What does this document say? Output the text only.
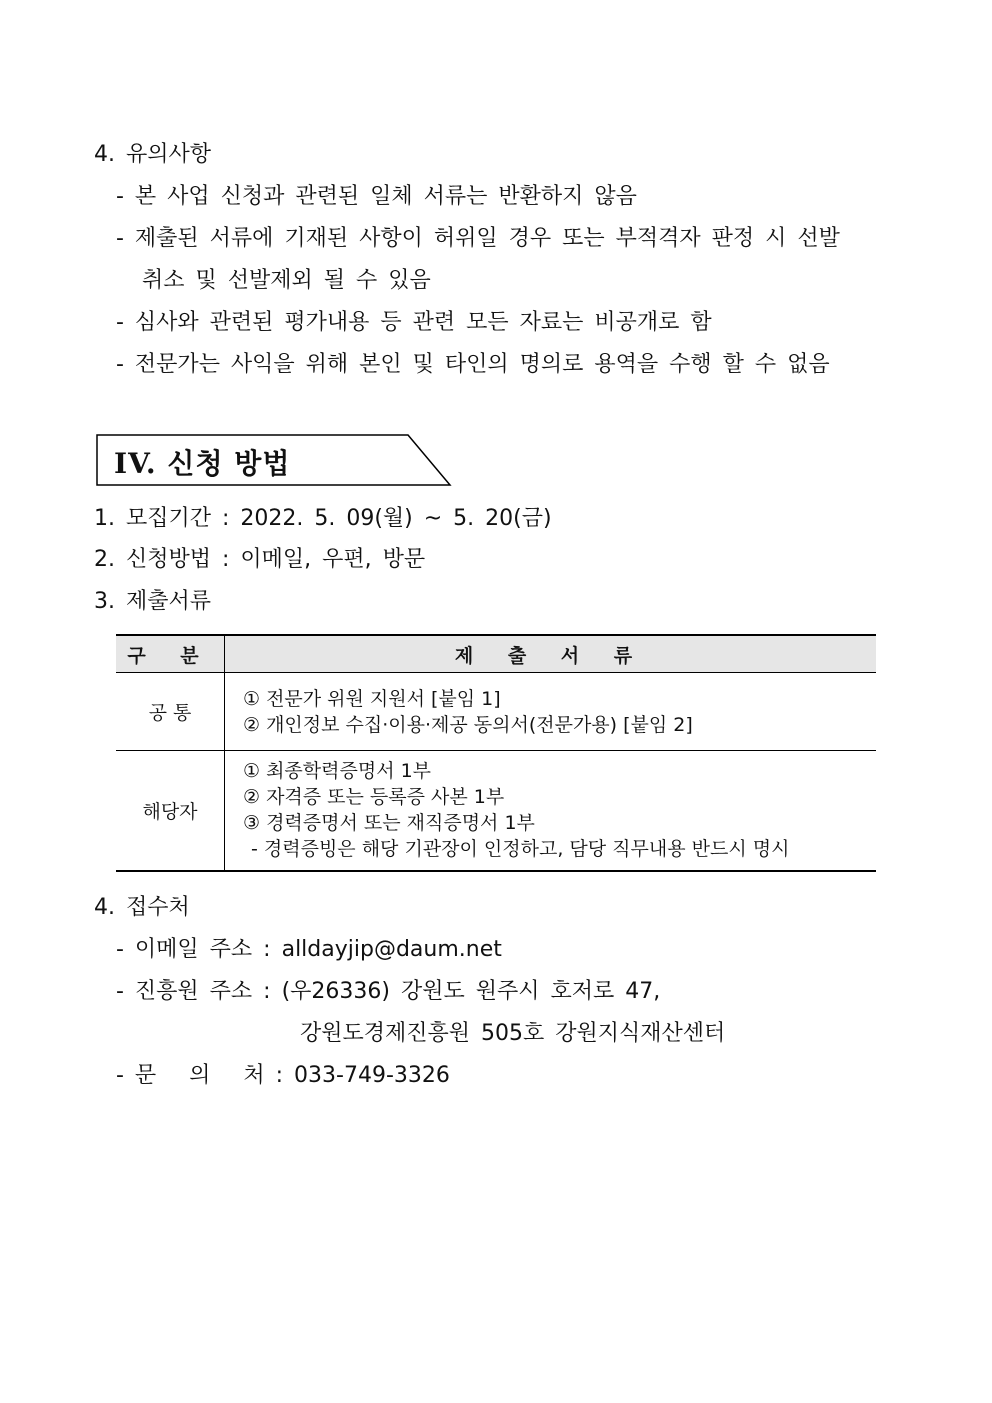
4. 유의사항
- 본 사업 신청과 관련된 일체 서류는 반환하지 않음
- 제출된 서류에 기재된 사항이 허위일 경우 또는 부적격자 판정 시 선발
취소 및 선발제외 될 수 있음
- 심사와 관련된 평가내용 등 관련 모든 자료는 비공개로 함
- 전문가는 사익을 위해 본인 및 타인의 명의로 용역을 수행 할 수 없음
IV. 신청 방법
1. 모집기간 : 2022. 5. 09(월) ~ 5. 20(금)
2. 신청방법 : 이메일, 우편, 방문
3. 제출서류
구 분	제 출 서 류
공 통	① 전문가 위원 지원서 [붙임 1]
② 개인정보 수집·이용·제공 동의서(전문가용) [붙임 2]

해당자	① 최종학력증명서 1부
② 자격증 또는 등록증 사본 1부
③ 경력증명서 또는 재직증명서 1부
- 경력증빙은 해당 기관장이 인정하고, 담당 직무내용 반드시 명시
4. 접수처
- 이메일 주소 : alldayjip@daum.net
- 진흥원 주소 : (우26336) 강원도 원주시 호저로 47,
강원도경제진흥원 505호 강원지식재산센터
- 문   의   처 : 033-749-3326
